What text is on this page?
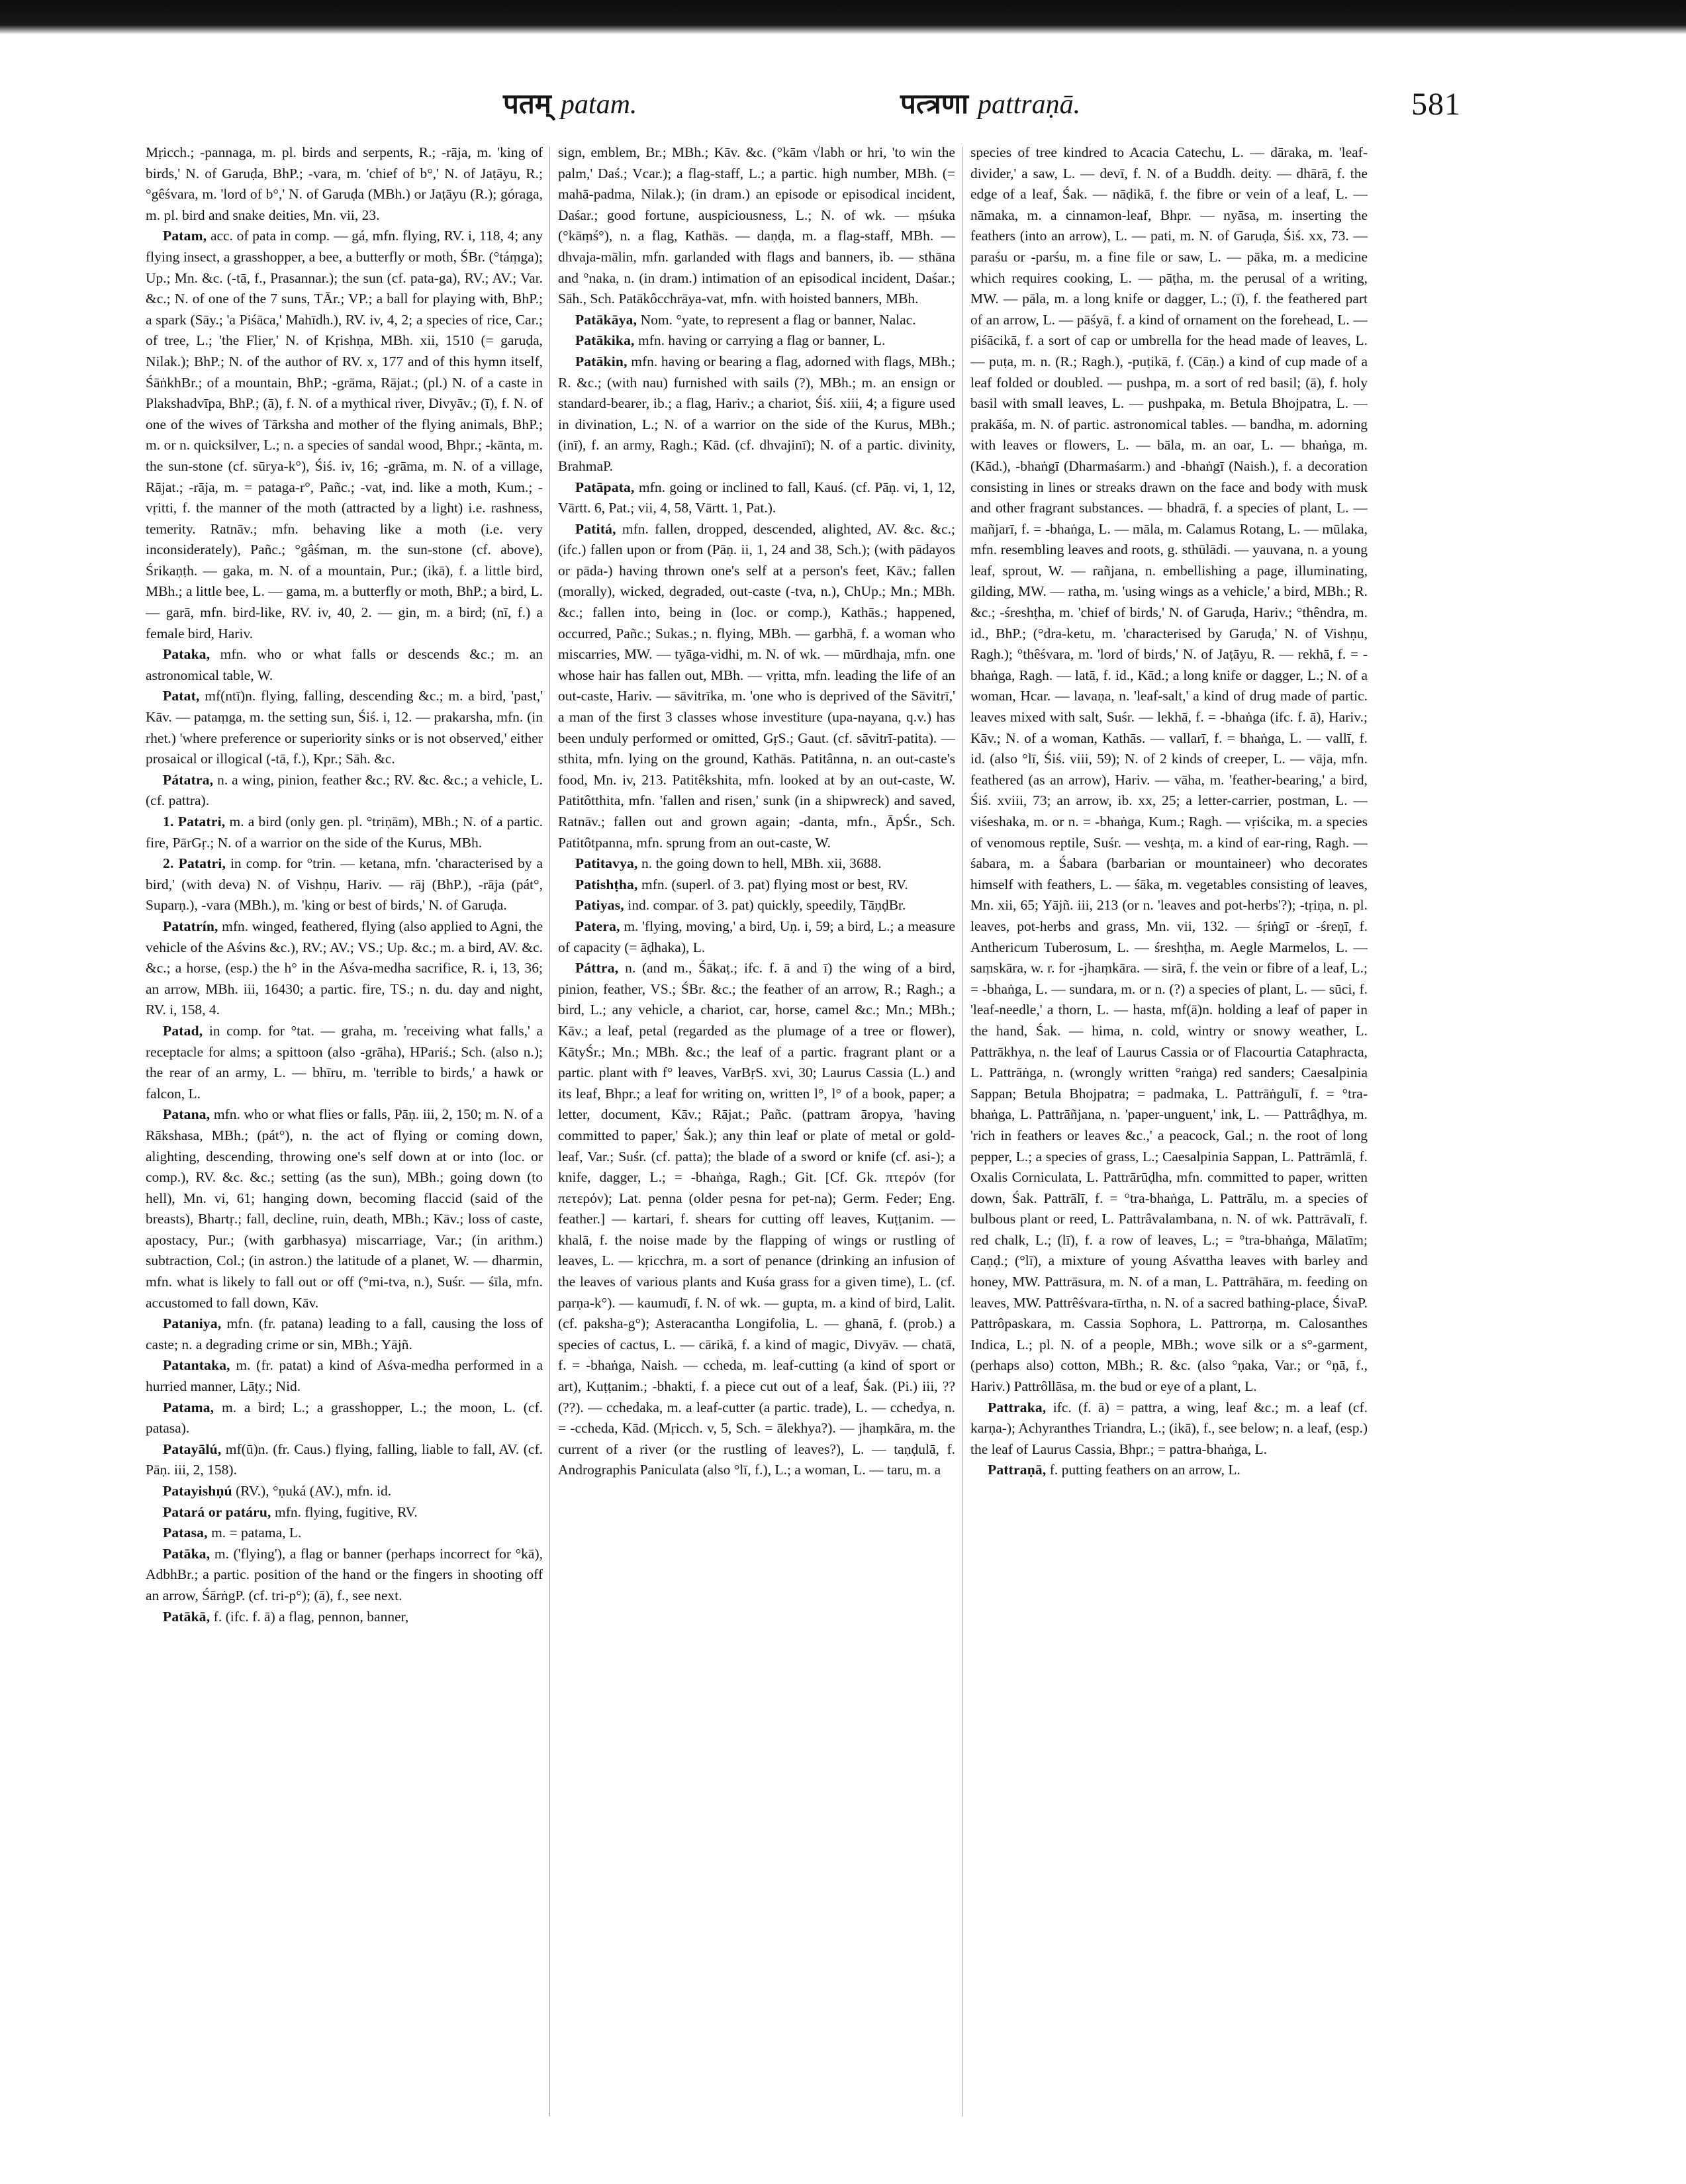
पतम् patam.	पत्त्रणा pattraṇā.	581

Mṛicch.; -pannaga, m. pl. birds and serpents, R.; -rāja, m. 'king of birds,' N. of Garuḍa, BhP.; -vara, m. 'chief of b°,' N. of Jaṭāyu, R.; °gêśvara, m. 'lord of b°,' N. of Garuḍa (MBh.) or Jaṭāyu (R.); góraga, m. pl. bird and snake deities, Mn. vii, 23.

Patam, acc. of pata in comp. — gá, mfn. flying, RV. i, 118, 4; any flying insect, a grasshopper, a bee, a butterfly or moth, ŚBr. (°táṃga); Up.; Mn. &c. (-tā, f., Prasannar.); the sun (cf. pata-ga), RV.; AV.; Var. &c.; N. of one of the 7 suns, TĀr.; VP.; a ball for playing with, BhP.; a spark (Sāy.; 'a Piśāca,' Mahīdh.), RV. iv, 4, 2; a species of rice, Car.; of tree, L.; 'the Flier,' N. of Kṛishṇa, MBh. xii, 1510 (= garuḍa, Nilak.); BhP.; N. of the author of RV. x, 177 and of this hymn itself, ŚāṅkhBr.; of a mountain, BhP.; -grāma, Rājat.; (pl.) N. of a caste in Plakshadvīpa, BhP.; (ā), f. N. of a mythical river, Divyāv.; (ī), f. N. of one of the wives of Tārksha and mother of the flying animals, BhP.; m. or n. quicksilver, L.; n. a species of sandal wood, Bhpr.; -kānta, m. the sun-stone (cf. sūrya-k°), Śiś. iv, 16; -grāma, m. N. of a village, Rājat.; -rāja, m. = pataga-r°, Pañc.; -vat, ind. like a moth, Kum.; -vṛitti, f. the manner of the moth (attracted by a light) i.e. rashness, temerity. Ratnāv.; mfn. behaving like a moth (i.e. very inconsiderately), Pañc.; °gâśman, m. the sun-stone (cf. above), Śrikaṇṭh. — gaka, m. N. of a mountain, Pur.; (ikā), f. a little bird, MBh.; a little bee, L. — gama, m. a butterfly or moth, BhP.; a bird, L. — garā, mfn. bird-like, RV. iv, 40, 2. — gin, m. a bird; (nī, f.) a female bird, Hariv.

Pataka, mfn. who or what falls or descends &c.; m. an astronomical table, W.

Patat, mf(ntī)n. flying, falling, descending &c.; m. a bird, 'past,' Kāv. — pataṃga, m. the setting sun, Śiś. i, 12. — prakarsha, mfn. (in rhet.) 'where preference or superiority sinks or is not observed,' either prosaical or illogical (-tā, f.), Kpr.; Sāh. &c.

Pátatra, n. a wing, pinion, feather &c.; RV. &c. &c.; a vehicle, L. (cf. pattra).

1. Patatri, m. a bird (only gen. pl. °triṇām), MBh.; N. of a partic. fire, PārGṛ.; N. of a warrior on the side of the Kurus, MBh.

2. Patatri, in comp. for °trin. — ketana, mfn. 'characterised by a bird,' (with deva) N. of Vishṇu, Hariv. — rāj (BhP.), -rāja (pát°, Suparṇ.), -vara (MBh.), m. 'king or best of birds,' N. of Garuḍa.

Patatrín, mfn. winged, feathered, flying (also applied to Agni, the vehicle of the Aśvins &c.), RV.; AV.; VS.; Up. &c.; m. a bird, AV. &c. &c.; a horse, (esp.) the h° in the Aśva-medha sacrifice, R. i, 13, 36; an arrow, MBh. iii, 16430; a partic. fire, TS.; n. du. day and night, RV. i, 158, 4.

Patad, in comp. for °tat. — graha, m. 'receiving what falls,' a receptacle for alms; a spittoon (also -grāha), HPariś.; Sch. (also n.); the rear of an army, L. — bhīru, m. 'terrible to birds,' a hawk or falcon, L.

Patana, mfn. who or what flies or falls, Pāṇ. iii, 2, 150; m. N. of a Rākshasa, MBh.; (pát°), n. the act of flying or coming down, alighting, descending, throwing one's self down at or into (loc. or comp.), RV. &c. &c.; setting (as the sun), MBh.; going down (to hell), Mn. vi, 61; hanging down, becoming flaccid (said of the breasts), Bhartṛ.; fall, decline, ruin, death, MBh.; Kāv.; loss of caste, apostacy, Pur.; (with garbhasya) miscarriage, Var.; (in arithm.) subtraction, Col.; (in astron.) the latitude of a planet, W. — dharmin, mfn. what is likely to fall out or off (°mi-tva, n.), Suśr. — śīla, mfn. accustomed to fall down, Kāv.

Pataniya, mfn. (fr. patana) leading to a fall, causing the loss of caste; n. a degrading crime or sin, MBh.; Yājñ.

Patantaka, m. (fr. patat) a kind of Aśva-medha performed in a hurried manner, Lāṭy.; Nid.

Patama, m. a bird; L.; a grasshopper, L.; the moon, L. (cf. patasa).

Patayālú, mf(ū)n. (fr. Caus.) flying, falling, liable to fall, AV. (cf. Pāṇ. iii, 2, 158).

Patayishṇú (RV.), °ṇuká (AV.), mfn. id.

Patará or patáru, mfn. flying, fugitive, RV.

Patasa, m. = patama, L.

Patāka, m. ('flying'), a flag or banner (perhaps incorrect for °kā), AdbhBr.; a partic. position of the hand or the fingers in shooting off an arrow, ŚārṅgP. (cf. tri-p°); (ā), f., see next.

Patākā, f. (ifc. f. ā) a flag, pennon, banner,

sign, emblem, Br.; MBh.; Kāv. &c. (°kām √labh or hri, 'to win the palm,' Daś.; Vcar.); a flag-staff, L.; a partic. high number, MBh. (= mahā-padma, Nilak.); (in dram.) an episode or episodical incident, Daśar.; good fortune, auspiciousness, L.; N. of wk. — ṃśuka (°kāṃś°), n. a flag, Kathās. — daṇḍa, m. a flag-staff, MBh. — dhvaja-mālin, mfn. garlanded with flags and banners, ib. — sthāna and °naka, n. (in dram.) intimation of an episodical incident, Daśar.; Sāh., Sch. Patākôcchrāya-vat, mfn. with hoisted banners, MBh.

Patākāya, Nom. °yate, to represent a flag or banner, Nalac.

Patākika, mfn. having or carrying a flag or banner, L.

Patākin, mfn. having or bearing a flag, adorned with flags, MBh.; R. &c.; (with nau) furnished with sails (?), MBh.; m. an ensign or standard-bearer, ib.; a flag, Hariv.; a chariot, Śiś. xiii, 4; a figure used in divination, L.; N. of a warrior on the side of the Kurus, MBh.; (inī), f. an army, Ragh.; Kād. (cf. dhvajinī); N. of a partic. divinity, BrahmaP.

Patāpata, mfn. going or inclined to fall, Kauś. (cf. Pāṇ. vi, 1, 12, Vārtt. 6, Pat.; vii, 4, 58, Vārtt. 1, Pat.).

Patitá, mfn. fallen, dropped, descended, alighted, AV. &c. &c.; (ifc.) fallen upon or from (Pāṇ. ii, 1, 24 and 38, Sch.); (with pādayos or pāda-) having thrown one's self at a person's feet, Kāv.; fallen (morally), wicked, degraded, out-caste (-tva, n.), ChUp.; Mn.; MBh. &c.; fallen into, being in (loc. or comp.), Kathās.; happened, occurred, Pañc.; Sukas.; n. flying, MBh. — garbhā, f. a woman who miscarries, MW. — tyāga-vidhi, m. N. of wk. — mūrdhaja, mfn. one whose hair has fallen out, MBh. — vṛitta, mfn. leading the life of an out-caste, Hariv. — sāvitrīka, m. 'one who is deprived of the Sāvitrī,' a man of the first 3 classes whose investiture (upa-nayana, q.v.) has been unduly performed or omitted, GṛS.; Gaut. (cf. sāvitrī-patita). — sthita, mfn. lying on the ground, Kathās. Patitânna, n. an out-caste's food, Mn. iv, 213. Patitêkshita, mfn. looked at by an out-caste, W. Patitôtthita, mfn. 'fallen and risen,' sunk (in a shipwreck) and saved, Ratnāv.; fallen out and grown again; -danta, mfn., ĀpŚr., Sch. Patitôtpanna, mfn. sprung from an out-caste, W.

Patitavya, n. the going down to hell, MBh. xii, 3688.

Patishṭha, mfn. (superl. of 3. pat) flying most or best, RV.

Patiyas, ind. compar. of 3. pat) quickly, speedily, TāṇḍBr.

Patera, m. 'flying, moving,' a bird, Uṇ. i, 59; a bird, L.; a measure of capacity (= āḍhaka), L.

Páttra, n. (and m., Śākaṭ.; ifc. f. ā and ī) the wing of a bird, pinion, feather, VS.; ŚBr. &c.; the feather of an arrow, R.; Ragh.; a bird, L.; any vehicle, a chariot, car, horse, camel &c.; Mn.; MBh.; Kāv.; a leaf, petal (regarded as the plumage of a tree or flower), KātyŚr.; Mn.; MBh. &c.; the leaf of a partic. fragrant plant or a partic. plant with f° leaves, VarBṛS. xvi, 30; Laurus Cassia (L.) and its leaf, Bhpr.; a leaf for writing on, written l°, l° of a book, paper; a letter, document, Kāv.; Rājat.; Pañc. (pattram āropya, 'having committed to paper,' Śak.); any thin leaf or plate of metal or gold-leaf, Var.; Suśr. (cf. patta); the blade of a sword or knife (cf. asi-); a knife, dagger, L.; = -bhaṅga, Ragh.; Git. [Cf. Gk. πτερόν (for πετερόν); Lat. penna (older pesna for pet-na); Germ. Feder; Eng. feather.] — kartari, f. shears for cutting off leaves, Kuṭṭanim. — khalā, f. the noise made by the flapping of wings or rustling of leaves, L. — kṛicchra, m. a sort of penance (drinking an infusion of the leaves of various plants and Kuśa grass for a given time), L. (cf. parṇa-k°). — kaumudī, f. N. of wk. — gupta, m. a kind of bird, Lalit. (cf. paksha-g°); Asteracantha Longifolia, L. — ghanā, f. (prob.) a species of cactus, L. — cārikā, f. a kind of magic, Divyāv. — chatā, f. = -bhaṅga, Naish. — ccheda, m. leaf-cutting (a kind of sport or art), Kuṭṭanim.; -bhakti, f. a piece cut out of a leaf, Śak. (Pi.) iii, ?? (??). — cchedaka, m. a leaf-cutter (a partic. trade), L. — cchedya, n. = -ccheda, Kād. (Mṛicch. v, 5, Sch. = ālekhya?). — jhaṃkāra, m. the current of a river (or the rustling of leaves?), L. — taṇḍulā, f. Andrographis Paniculata (also °lī, f.), L.; a woman, L. — taru, m. a

species of tree kindred to Acacia Catechu, L. — dāraka, m. 'leaf-divider,' a saw, L. — devī, f. N. of a Buddh. deity. — dhārā, f. the edge of a leaf, Śak. — nāḍikā, f. the fibre or vein of a leaf, L. — nāmaka, m. a cinnamon-leaf, Bhpr. — nyāsa, m. inserting the feathers (into an arrow), L. — pati, m. N. of Garuḍa, Śiś. xx, 73. — paraśu or -parśu, m. a fine file or saw, L. — pāka, m. a medicine which requires cooking, L. — pāṭha, m. the perusal of a writing, MW. — pāla, m. a long knife or dagger, L.; (ī), f. the feathered part of an arrow, L. — pāśyā, f. a kind of ornament on the forehead, L. — piśācikā, f. a sort of cap or umbrella for the head made of leaves, L. — puṭa, m. n. (R.; Ragh.), -puṭikā, f. (Cāṇ.) a kind of cup made of a leaf folded or doubled. — pushpa, m. a sort of red basil; (ā), f. holy basil with small leaves, L. — pushpaka, m. Betula Bhojpatra, L. — prakāśa, m. N. of partic. astronomical tables. — bandha, m. adorning with leaves or flowers, L. — bāla, m. an oar, L. — bhaṅga, m. (Kād.), -bhaṅgī (Dharmaśarm.) and -bhaṅgī (Naish.), f. a decoration consisting in lines or streaks drawn on the face and body with musk and other fragrant substances. — bhadrā, f. a species of plant, L. — mañjarī, f. = -bhaṅga, L. — māla, m. Calamus Rotang, L. — mūlaka, mfn. resembling leaves and roots, g. sthūlādi. — yauvana, n. a young leaf, sprout, W. — rañjana, n. embellishing a page, illuminating, gilding, MW. — ratha, m. 'using wings as a vehicle,' a bird, MBh.; R. &c.; -śreshṭha, m. 'chief of birds,' N. of Garuḍa, Hariv.; °thêndra, m. id., BhP.; (°dra-ketu, m. 'characterised by Garuḍa,' N. of Vishṇu, Ragh.); °thêśvara, m. 'lord of birds,' N. of Jaṭāyu, R. — rekhā, f. = -bhaṅga, Ragh. — latā, f. id., Kād.; a long knife or dagger, L.; N. of a woman, Hcar. — lavaṇa, n. 'leaf-salt,' a kind of drug made of partic. leaves mixed with salt, Suśr. — lekhā, f. = -bhaṅga (ifc. f. ā), Hariv.; Kāv.; N. of a woman, Kathās. — vallarī, f. = bhaṅga, L. — vallī, f. id. (also °lī, Śiś. viii, 59); N. of 2 kinds of creeper, L. — vāja, mfn. feathered (as an arrow), Hariv. — vāha, m. 'feather-bearing,' a bird, Śiś. xviii, 73; an arrow, ib. xx, 25; a letter-carrier, postman, L. — viśeshaka, m. or n. = -bhaṅga, Kum.; Ragh. — vṛiścika, m. a species of venomous reptile, Suśr. — veshṭa, m. a kind of ear-ring, Ragh. — śabara, m. a Śabara (barbarian or mountaineer) who decorates himself with feathers, L. — śāka, m. vegetables consisting of leaves, Mn. xii, 65; Yājñ. iii, 213 (or n. 'leaves and pot-herbs'?); -tṛiṇa, n. pl. leaves, pot-herbs and grass, Mn. vii, 132. — śṛiṅgī or -śreṇī, f. Anthericum Tuberosum, L. — śreshṭha, m. Aegle Marmelos, L. — saṃskāra, w. r. for -jhaṃkāra. — sirā, f. the vein or fibre of a leaf, L.; = -bhaṅga, L. — sundara, m. or n. (?) a species of plant, L. — sūci, f. 'leaf-needle,' a thorn, L. — hasta, mf(ā)n. holding a leaf of paper in the hand, Śak. — hima, n. cold, wintry or snowy weather, L. Pattrākhya, n. the leaf of Laurus Cassia or of Flacourtia Cataphracta, L. Pattrāṅga, n. (wrongly written °raṅga) red sanders; Caesalpinia Sappan; Betula Bhojpatra; = padmaka, L. Pattrāṅgulī, f. = °tra-bhaṅga, L. Pattrāñjana, n. 'paper-unguent,' ink, L. — Pattrâḍhya, m. 'rich in feathers or leaves &c.,' a peacock, Gal.; n. the root of long pepper, L.; a species of grass, L.; Caesalpinia Sappan, L. Pattrāmlā, f. Oxalis Corniculata, L. Pattrārūḍha, mfn. committed to paper, written down, Śak. Pattrālī, f. = °tra-bhaṅga, L. Pattrālu, m. a species of bulbous plant or reed, L. Pattrâvalambana, n. N. of wk. Pattrāvalī, f. red chalk, L.; (lī), f. a row of leaves, L.; = °tra-bhaṅga, Mālatīm; Caṇḍ.; (°lī), a mixture of young Aśvattha leaves with barley and honey, MW. Pattrāsura, m. N. of a man, L. Pattrāhāra, m. feeding on leaves, MW. Pattrêśvara-tīrtha, n. N. of a sacred bathing-place, ŚivaP. Pattrôpaskara, m. Cassia Sophora, L. Pattrorṇa, m. Calosanthes Indica, L.; pl. N. of a people, MBh.; wove silk or a s°-garment, (perhaps also) cotton, MBh.; R. &c. (also °ṇaka, Var.; or °ṇā, f., Hariv.) Pattrôllāsa, m. the bud or eye of a plant, L.

Pattraka, ifc. (f. ā) = pattra, a wing, leaf &c.; m. a leaf (cf. karṇa-); Achyranthes Triandra, L.; (ikā), f., see below; n. a leaf, (esp.) the leaf of Laurus Cassia, Bhpr.; = pattra-bhaṅga, L.

Pattraṇā, f. putting feathers on an arrow, L.
